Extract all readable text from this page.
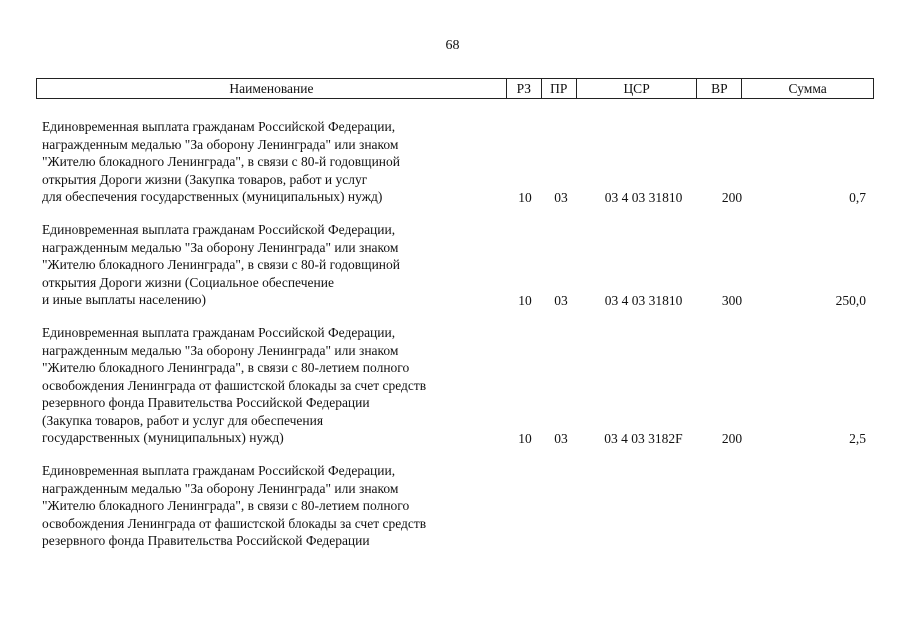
68
Наименование	РЗ	ПР	ЦСР	ВР	Сумма
Единовременная выплата гражданам Российской Федерации,
награжденным медалью "За оборону Ленинграда" или знаком
"Жителю блокадного Ленинграда", в связи с 80-й годовщиной
открытия Дороги жизни (Закупка товаров, работ и услуг
для обеспечения государственных (муниципальных) нужд)	10 03	03 4 03 31810	200	0,7
Единовременная выплата гражданам Российской Федерации,
награжденным медалью "За оборону Ленинграда" или знаком
"Жителю блокадного Ленинграда", в связи с 80-й годовщиной
открытия Дороги жизни (Социальное обеспечение
и иные выплаты населению)	10 03	03 4 03 31810	300	250,0
Единовременная выплата гражданам Российской Федерации,
награжденным медалью "За оборону Ленинграда" или знаком
"Жителю блокадного Ленинграда", в связи с 80-летием полного
освобождения Ленинграда от фашистской блокады за счет средств
резервного фонда Правительства Российской Федерации
(Закупка товаров, работ и услуг для обеспечения
государственных (муниципальных) нужд)	10 03	03 4 03 3182F	200	2,5
Единовременная выплата гражданам Российской Федерации,
награжденным медалью "За оборону Ленинграда" или знаком
"Жителю блокадного Ленинграда", в связи с 80-летием полного
освобождения Ленинграда от фашистской блокады за счет средств
резервного фонда Правительства Российской Федерации
